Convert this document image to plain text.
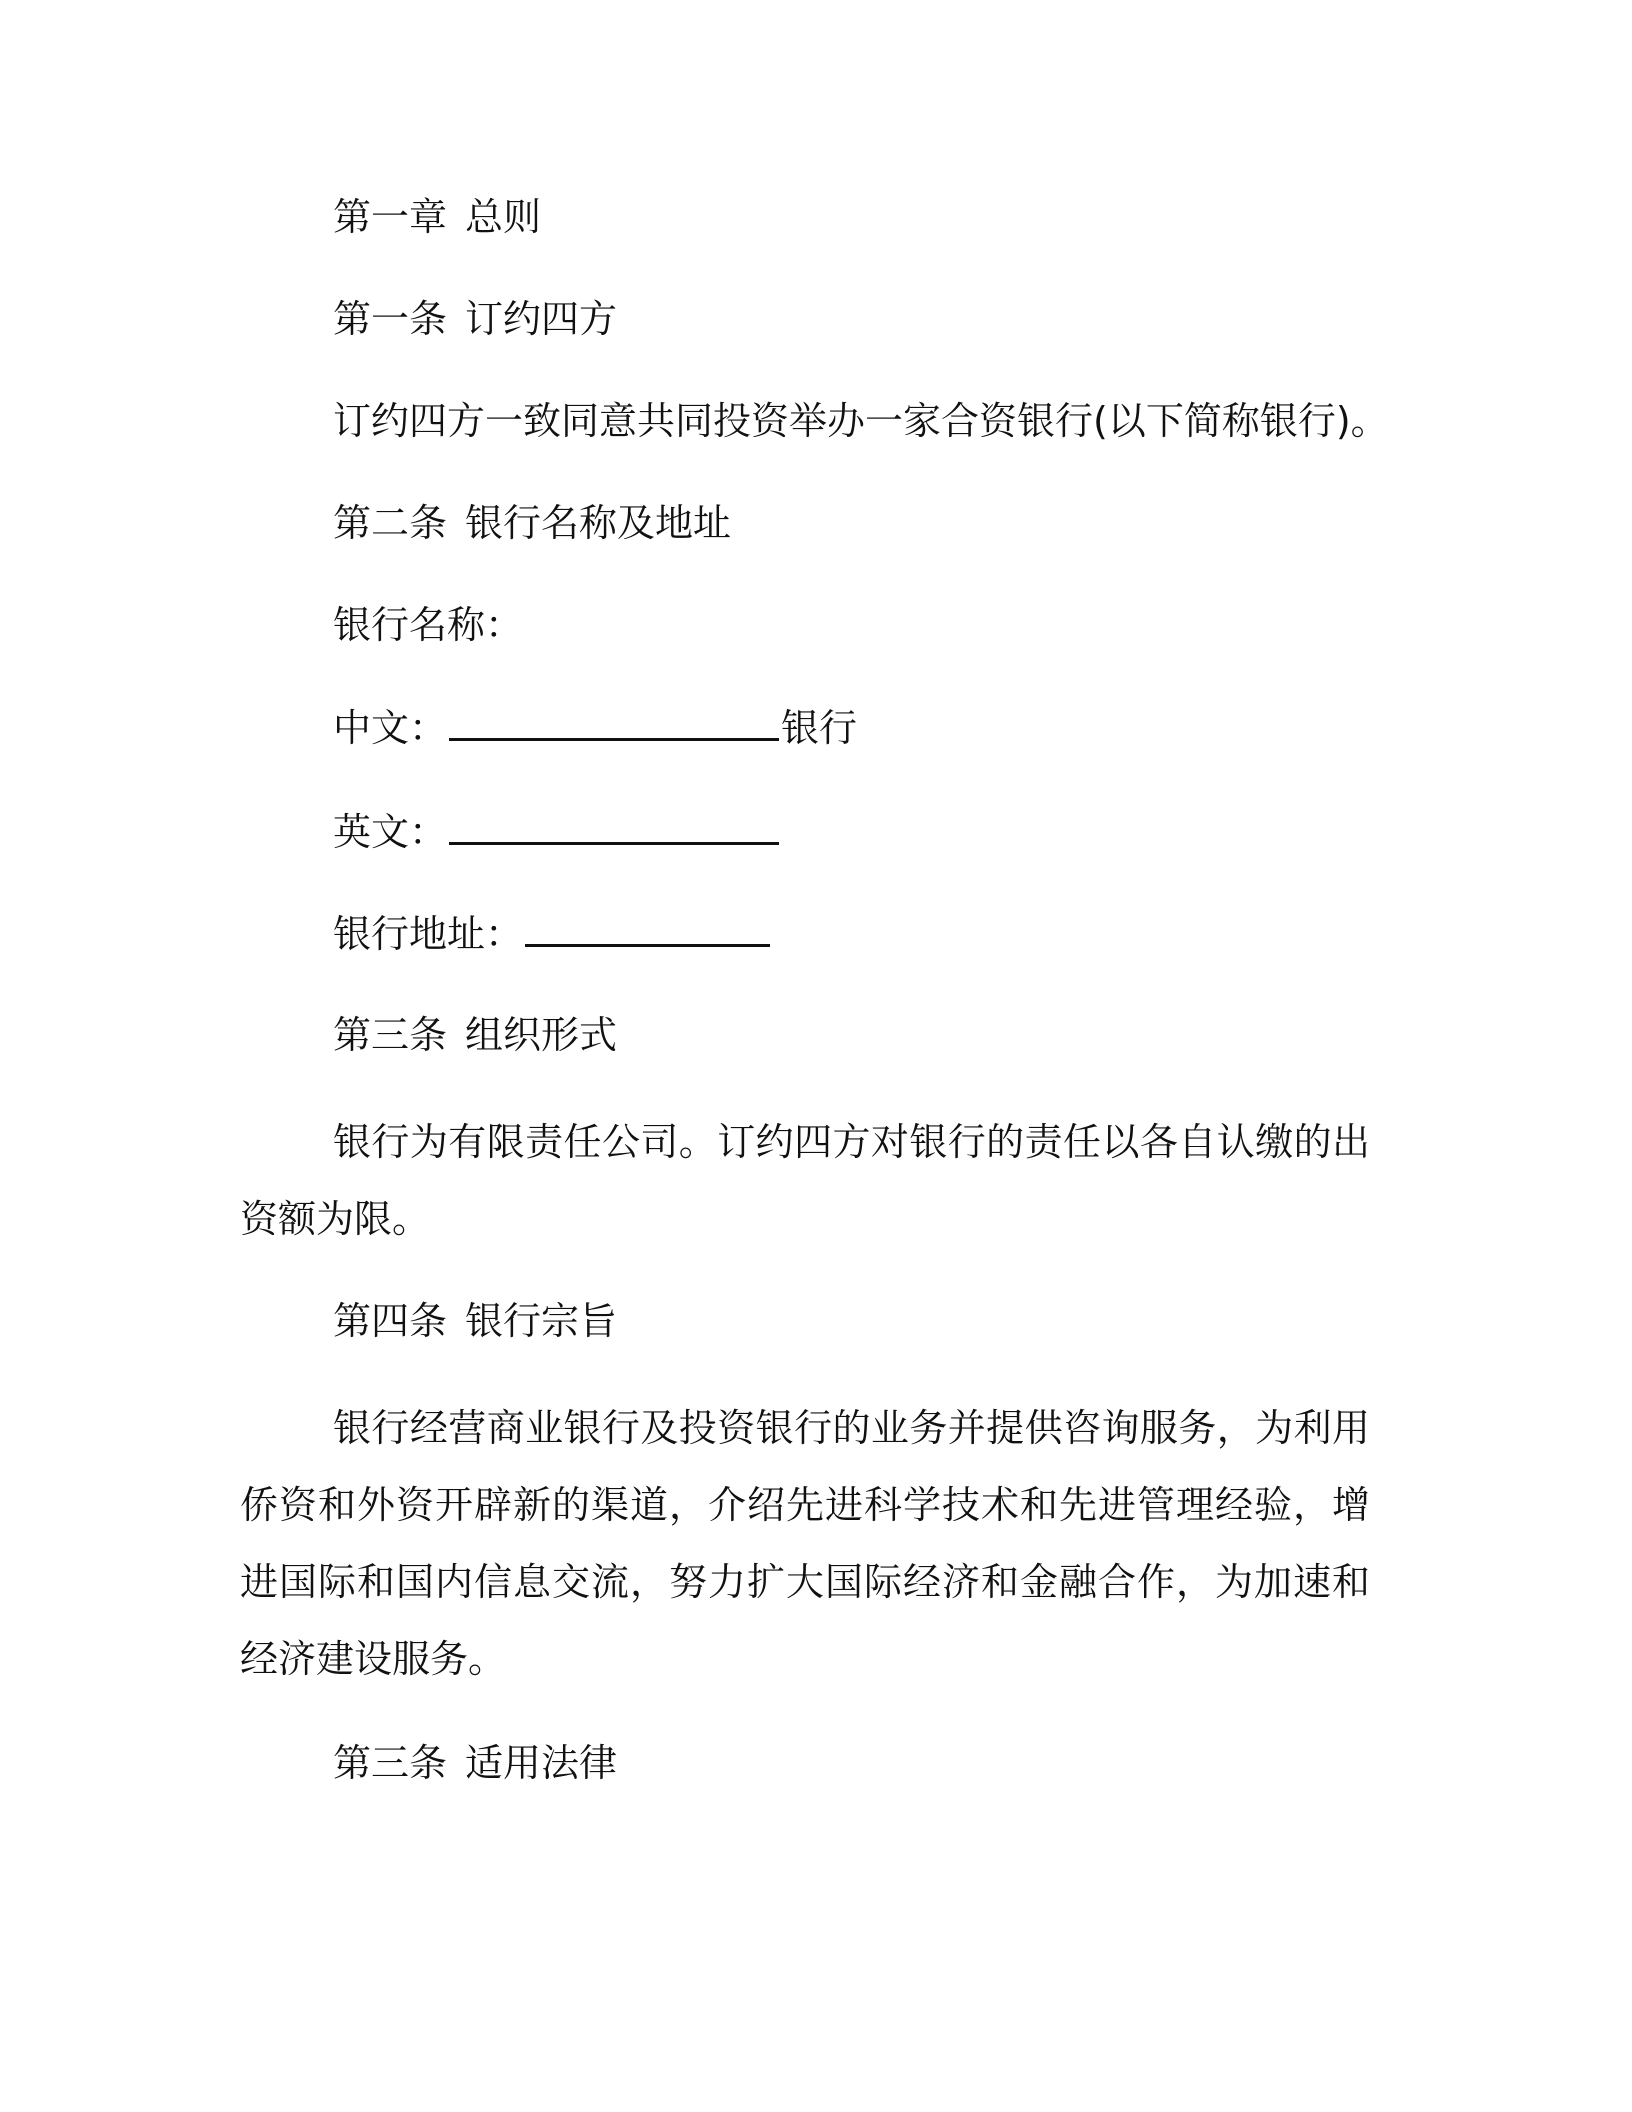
第一章 总则
第一条 订约四方
订约四方一致同意共同投资举办一家合资银行(以下简称银行)。
第二条 银行名称及地址
银行名称：
中文：	银行
英文：
银行地址：
第三条 组织形式
银行为有限责任公司。订约四方对银行的责任以各自认缴的出资额为限。
第四条 银行宗旨
银行经营商业银行及投资银行的业务并提供咨询服务，为利用侨资和外资开辟新的渠道，介绍先进科学技术和先进管理经验，增进国际和国内信息交流，努力扩大国际经济和金融合作，为加速和经济建设服务。
第三条 适用法律
